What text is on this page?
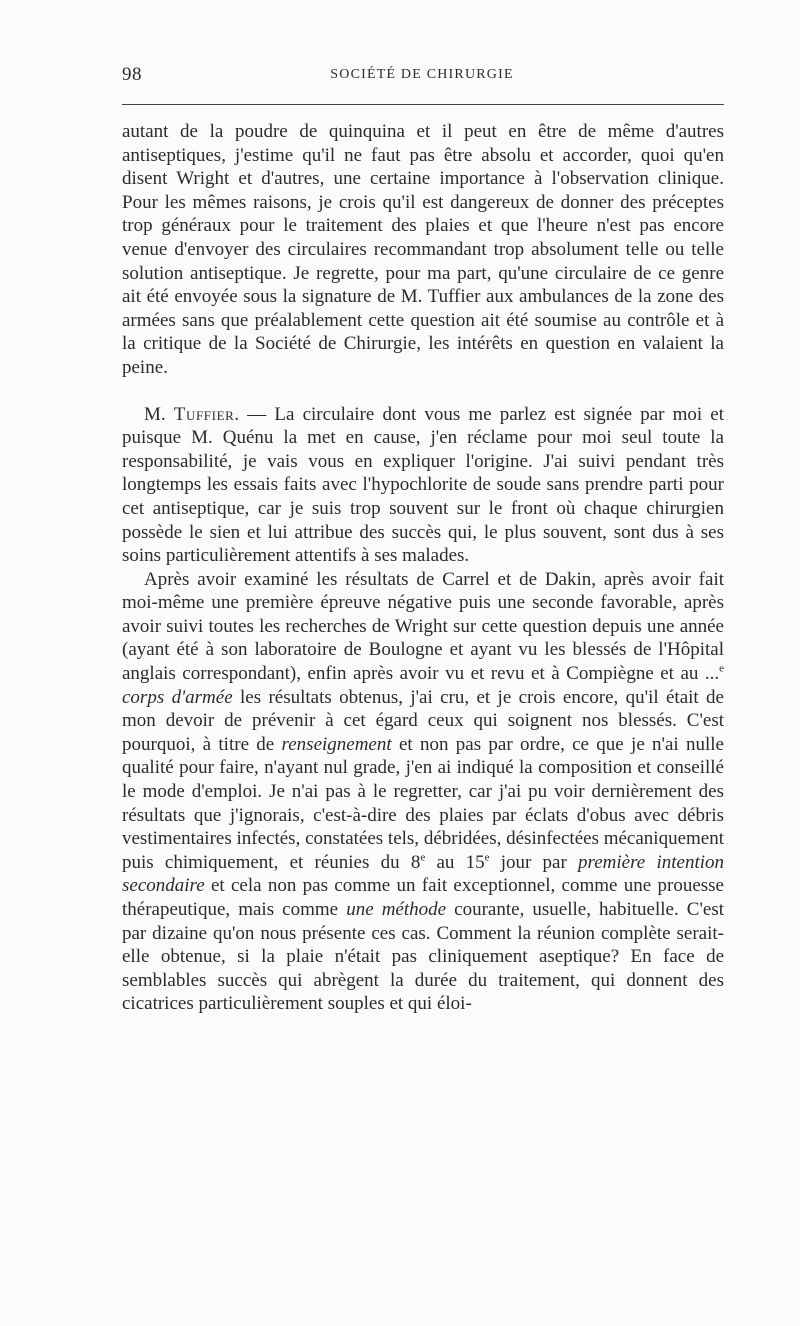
98	SOCIÉTÉ DE CHIRURGIE

autant de la poudre de quinquina et il peut en être de même d'autres antiseptiques, j'estime qu'il ne faut pas être absolu et accorder, quoi qu'en disent Wright et d'autres, une certaine importance à l'observation clinique. Pour les mêmes raisons, je crois qu'il est dangereux de donner des préceptes trop généraux pour le traitement des plaies et que l'heure n'est pas encore venue d'envoyer des circulaires recommandant trop absolument telle ou telle solution antiseptique. Je regrette, pour ma part, qu'une circulaire de ce genre ait été envoyée sous la signature de M. Tuffier aux ambulances de la zone des armées sans que préalablement cette question ait été soumise au contrôle et à la critique de la Société de Chirurgie, les intérêts en question en valaient la peine.

M. Tuffier. — La circulaire dont vous me parlez est signée par moi et puisque M. Quénu la met en cause, j'en réclame pour moi seul toute la responsabilité, je vais vous en expliquer l'origine. J'ai suivi pendant très longtemps les essais faits avec l'hypochlorite de soude sans prendre parti pour cet antiseptique, car je suis trop souvent sur le front où chaque chirurgien possède le sien et lui attribue des succès qui, le plus souvent, sont dus à ses soins particulièrement attentifs à ses malades.

Après avoir examiné les résultats de Carrel et de Dakin, après avoir fait moi-même une première épreuve négative puis une seconde favorable, après avoir suivi toutes les recherches de Wright sur cette question depuis une année (ayant été à son laboratoire de Boulogne et ayant vu les blessés de l'Hôpital anglais correspondant), enfin après avoir vu et revu et à Compiègne et au ...$^e$ corps d'armée les résultats obtenus, j'ai cru, et je crois encore, qu'il était de mon devoir de prévenir à cet égard ceux qui soignent nos blessés. C'est pourquoi, à titre de renseignement et non pas par ordre, ce que je n'ai nulle qualité pour faire, n'ayant nul grade, j'en ai indiqué la composition et conseillé le mode d'emploi. Je n'ai pas à le regretter, car j'ai pu voir dernièrement des résultats que j'ignorais, c'est-à-dire des plaies par éclats d'obus avec débris vestimentaires infectés, constatées tels, débridées, désinfectées mécaniquement puis chimiquement, et réunies du 8e au 15e jour par première intention secondaire et cela non pas comme un fait exceptionnel, comme une prouesse thérapeutique, mais comme une méthode courante, usuelle, habituelle. C'est par dizaine qu'on nous présente ces cas. Comment la réunion complète serait-elle obtenue, si la plaie n'était pas cliniquement aseptique? En face de semblables succès qui abrègent la durée du traitement, qui donnent des cicatrices particulièrement souples et qui éloi-
